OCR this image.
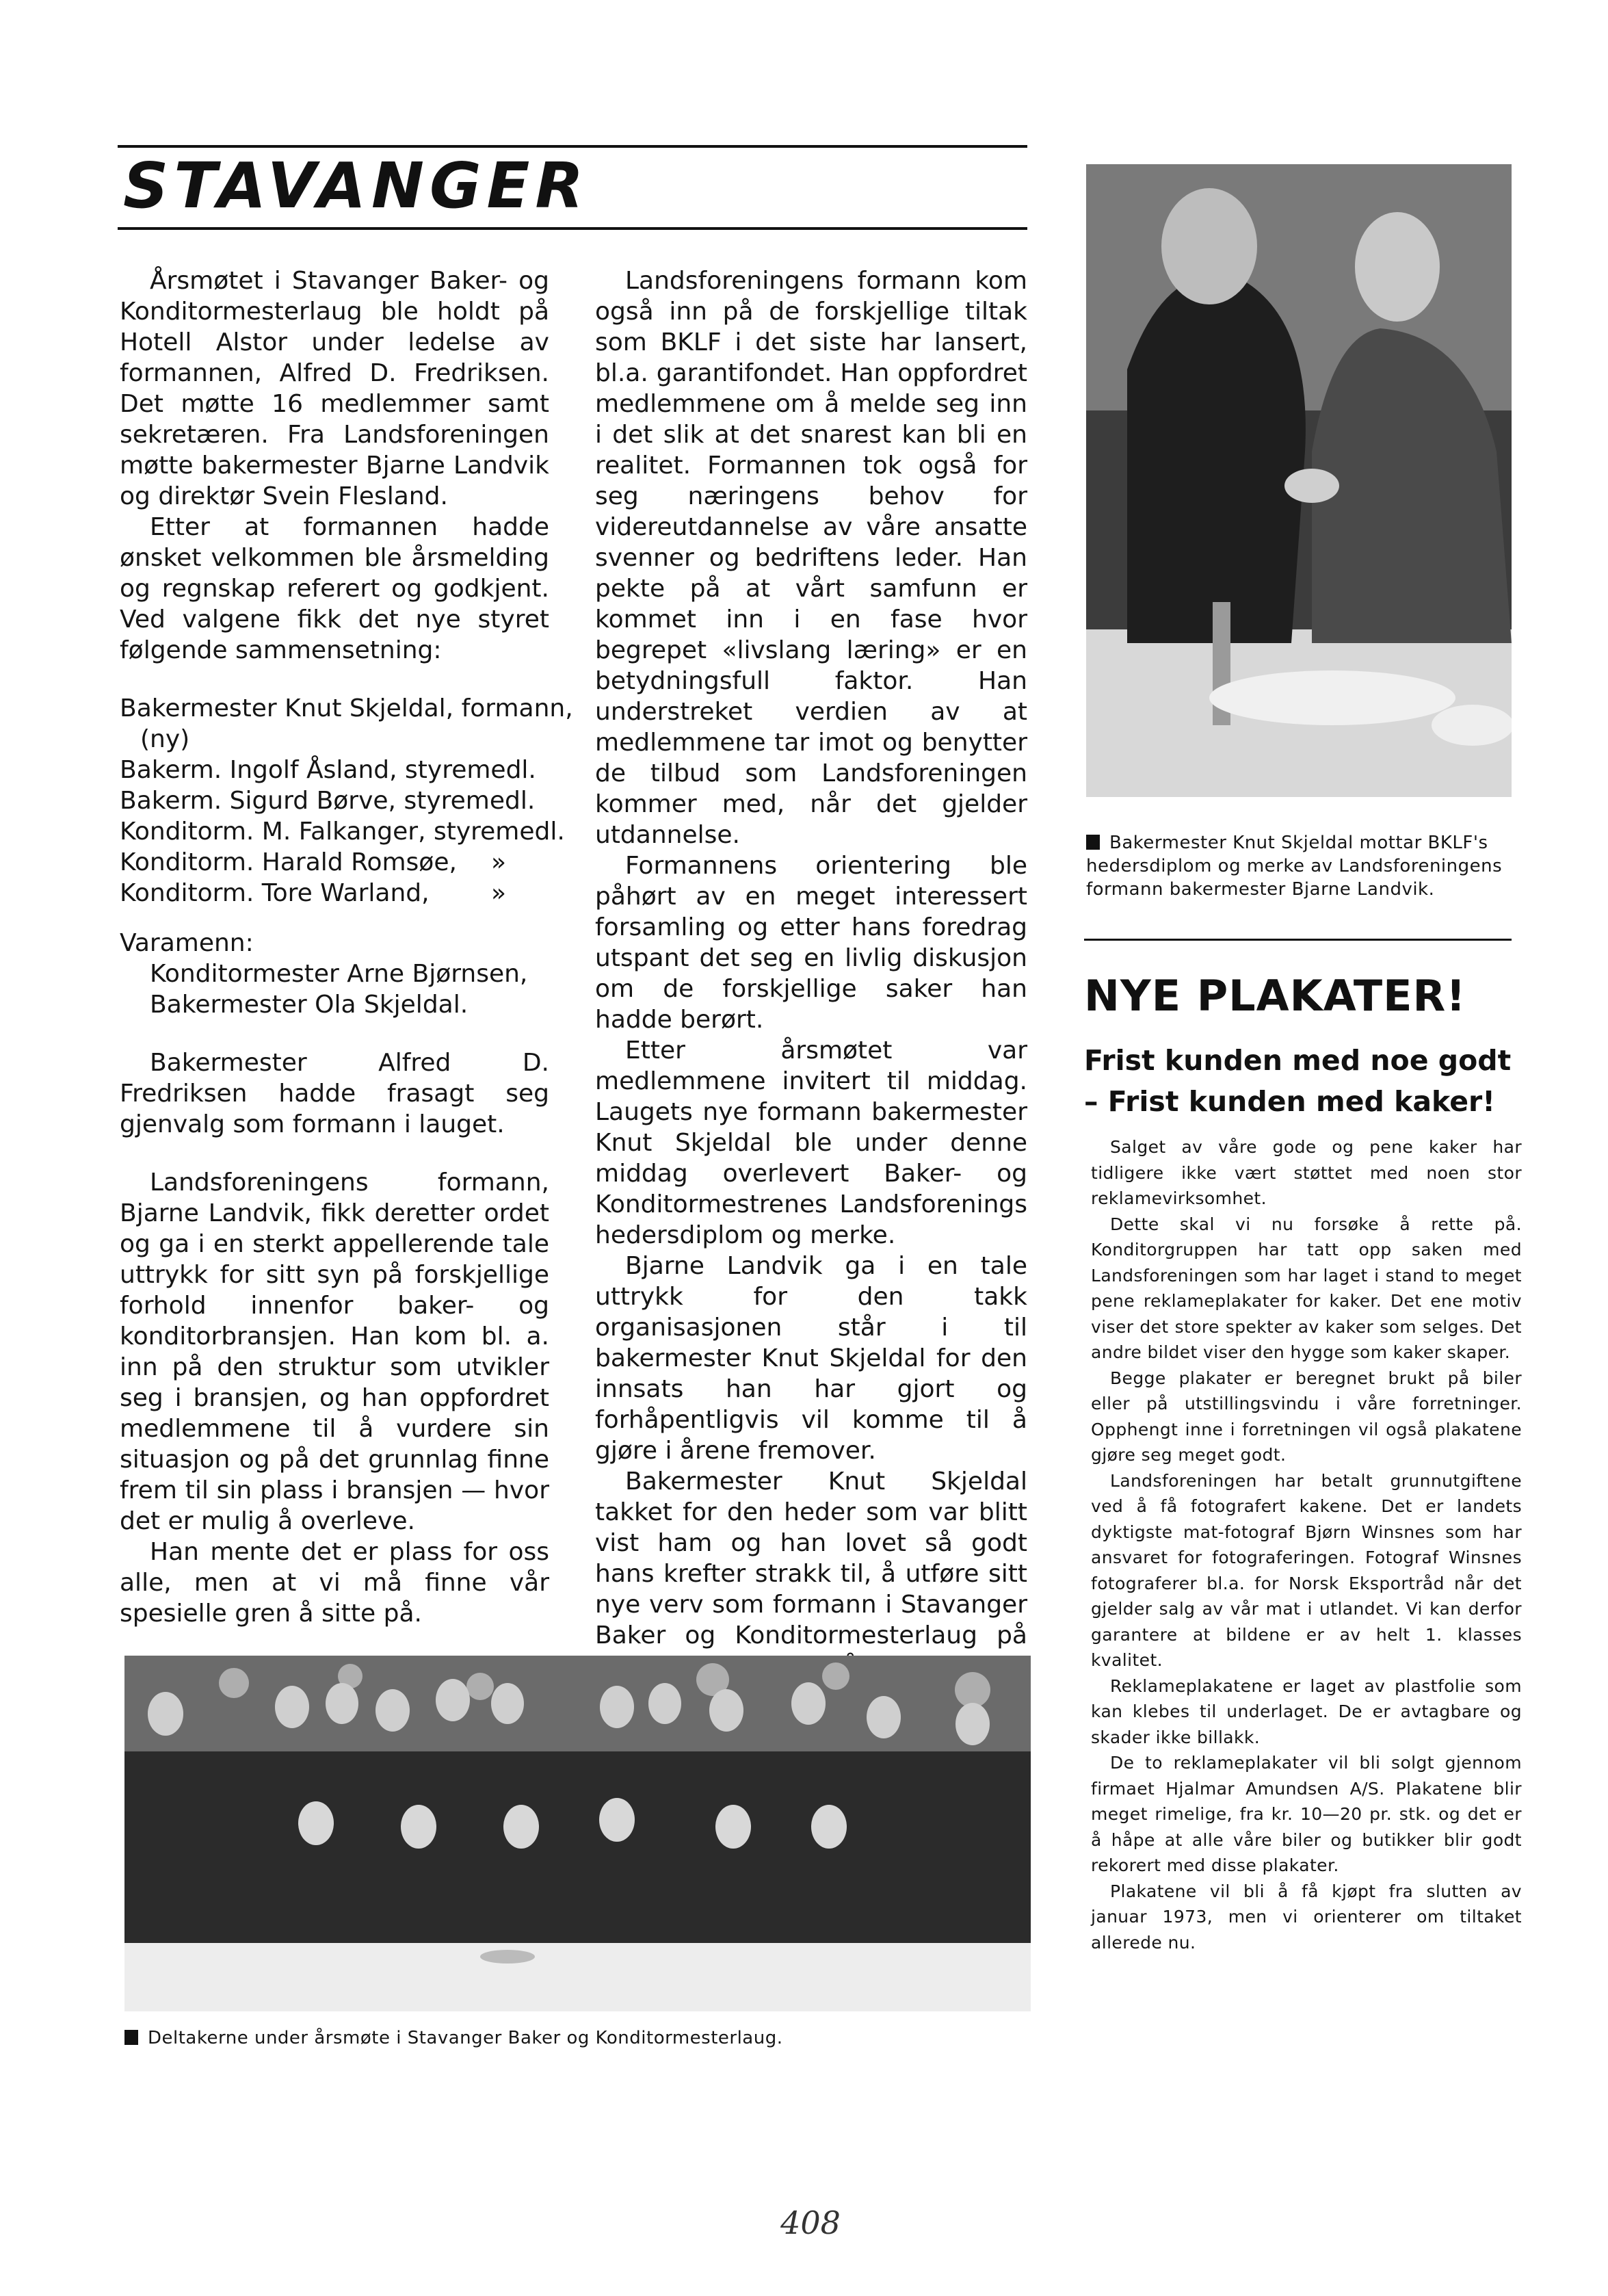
STAVANGER

Årsmøtet i Stavanger Baker- og Konditormesterlaug ble holdt på Hotell Alstor under ledelse av formannen, Alfred D. Fredriksen. Det møtte 16 medlemmer samt sekretæren. Fra Landsforeningen møtte bakermester Bjarne Landvik og direktør Svein Flesland.

Etter at formannen hadde ønsket velkommen ble årsmelding og regnskap referert og godkjent. Ved valgene fikk det nye styret følgende sammensetning:

Bakermester Knut Skjeldal, formann,
(ny)
Bakerm. Ingolf Åsland, styremedl.
Bakerm. Sigurd Børve, styremedl.
Konditorm. M. Falkanger, styremedl.
Konditorm. Harald Romsøe, »
Konditorm. Tore Warland,	»
Varamenn:
Konditormester Arne Bjørnsen,
Bakermester Ola Skjeldal.

Bakermester Alfred D. Fredriksen hadde frasagt seg gjenvalg som formann i lauget.

Landsforeningens formann, Bjarne Landvik, fikk deretter ordet og ga i en sterkt appellerende tale uttrykk for sitt syn på forskjellige forhold innenfor baker- og konditorbransjen. Han kom bl. a. inn på den struktur som utvikler seg i bransjen, og han oppfordret medlemmene til å vurdere sin situasjon og på det grunnlag finne frem til sin plass i bransjen — hvor det er mulig å overleve.

Han mente det er plass for oss alle, men at vi må finne vår spesielle gren å sitte på.

Landsforeningens formann kom også inn på de forskjellige tiltak som BKLF i det siste har lansert, bl.a. garantifondet. Han oppfordret medlemmene om å melde seg inn i det slik at det snarest kan bli en realitet. Formannen tok også for seg næringens behov for videreutdannelse av våre ansatte svenner og bedriftens leder. Han pekte på at vårt samfunn er kommet inn i en fase hvor begrepet «livslang læring» er en betydningsfull faktor. Han understreket verdien av at medlemmene tar imot og benytter de tilbud som Landsforeningen kommer med, når det gjelder utdannelse.

Formannens orientering ble påhørt av en meget interessert forsamling og etter hans foredrag utspant det seg en livlig diskusjon om de forskjellige saker han hadde berørt.

Etter årsmøtet var medlemmene invitert til middag. Laugets nye formann bakermester Knut Skjeldal ble under denne middag overlevert Baker- og Konditormestrenes Landsforenings hedersdiplom og merke.

Bjarne Landvik ga i en tale uttrykk for den takk organisasjonen står i til bakermester Knut Skjeldal for den innsats han har gjort og forhåpentligvis vil komme til å gjøre i årene fremover.

Bakermester Knut Skjeldal takket for den heder som var blitt vist ham og han lovet så godt hans krefter strakk til, å utføre sitt nye verv som formann i Stavanger Baker og Konditormesterlaug på

Bakermester Knut Skjeldal mottar BKLF's hedersdiplom og merke av Landsforeningens formann bakermester Bjarne Landvik.
NYE PLAKATER!
Frist kunden med noe godt – Frist kunden med kaker!

Salget av våre gode og pene kaker har tidligere ikke vært støttet med noen stor reklamevirksomhet.

Dette skal vi nu forsøke å rette på. Konditorgruppen har tatt opp saken med Landsforeningen som har laget i stand to meget pene reklameplakater for kaker. Det ene motiv viser det store spekter av kaker som selges. Det andre bildet viser den hygge som kaker skaper.

Begge plakater er beregnet brukt på biler eller på utstillingsvindu i våre forretninger. Opphengt inne i forretningen vil også plakatene gjøre seg meget godt.

Landsforeningen har betalt grunnutgiftene ved å få fotografert kakene. Det er landets dyktigste mat-fotograf Bjørn Winsnes som har ansvaret for fotograferingen. Fotograf Winsnes fotograferer bl.a. for Norsk Eksportråd når det gjelder salg av vår mat i utlandet. Vi kan derfor garantere at bildene er av helt 1. klasses kvalitet.

Reklameplakatene er laget av plastfolie som kan klebes til underlaget. De er avtagbare og skader ikke billakk.

De to reklameplakater vil bli solgt gjennom firmaet Hjalmar Amundsen A/S. Plakatene blir meget rimelige, fra kr. 10—20 pr. stk. og det er å håpe at alle våre biler og butikker blir godt rekorert med disse plakater.

Plakatene vil bli å få kjøpt fra slutten av januar 1973, men vi orienterer om tiltaket allerede nu.

Deltakerne under årsmøte i Stavanger Baker og Konditormesterlaug.
408
